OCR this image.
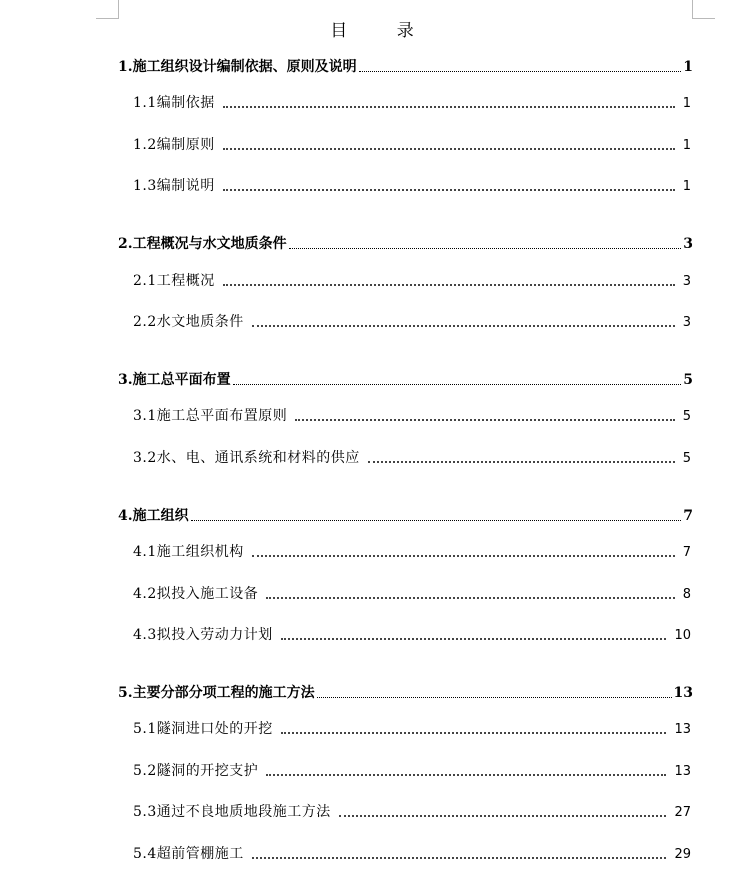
目 录
1.施工组织设计编制依据、原则及说明	1
1.1编制依据	1
1.2编制原则	1
1.3编制说明	1
2.工程概况与水文地质条件	3
2.1工程概况	3
2.2水文地质条件	3
3.施工总平面布置	5
3.1施工总平面布置原则	5
3.2水、电、通讯系统和材料的供应	5
4.施工组织	7
4.1施工组织机构	7
4.2拟投入施工设备	8
4.3拟投入劳动力计划	10
5.主要分部分项工程的施工方法	13
5.1隧洞进口处的开挖	13
5.2隧洞的开挖支护	13
5.3通过不良地质地段施工方法	27
5.4超前管棚施工	29
